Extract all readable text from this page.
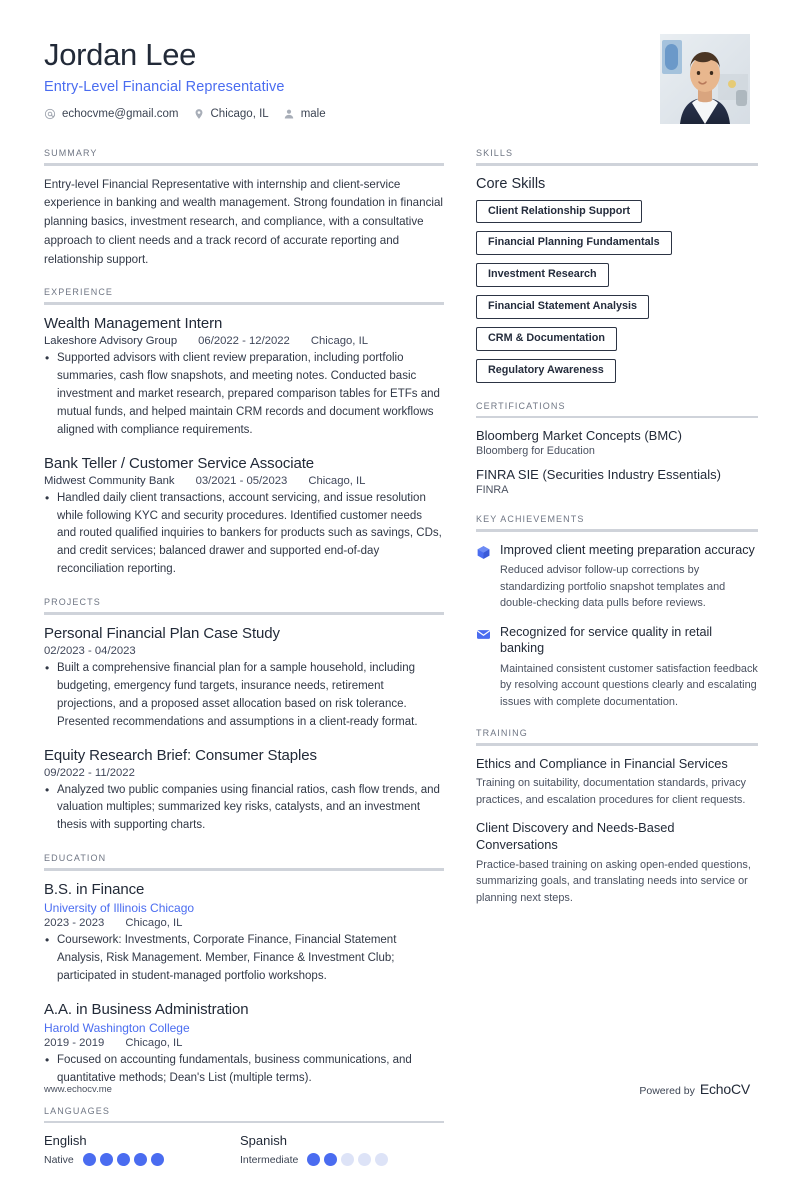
Jordan Lee
Entry-Level Financial Representative
echocvme@gmail.com	Chicago, IL	male
SUMMARY
Entry-level Financial Representative with internship and client-service experience in banking and wealth management. Strong foundation in financial planning basics, investment research, and compliance, with a consultative approach to client needs and a track record of accurate reporting and relationship support.
EXPERIENCE
Wealth Management Intern
Lakeshore Advisory Group 06/2022 - 12/2022 Chicago, IL
• Supported advisors with client review preparation, including portfolio summaries, cash flow snapshots, and meeting notes. Conducted basic investment and market research, prepared comparison tables for ETFs and mutual funds, and helped maintain CRM records and document workflows aligned with compliance requirements.
Bank Teller / Customer Service Associate
Midwest Community Bank 03/2021 - 05/2023 Chicago, IL
• Handled daily client transactions, account servicing, and issue resolution while following KYC and security procedures. Identified customer needs and routed qualified inquiries to bankers for products such as savings, CDs, and credit services; balanced drawer and supported end-of-day reconciliation reporting.
PROJECTS
Personal Financial Plan Case Study
02/2023 - 04/2023
• Built a comprehensive financial plan for a sample household, including budgeting, emergency fund targets, insurance needs, retirement projections, and a proposed asset allocation based on risk tolerance. Presented recommendations and assumptions in a client-ready format.
Equity Research Brief: Consumer Staples
09/2022 - 11/2022
• Analyzed two public companies using financial ratios, cash flow trends, and valuation multiples; summarized key risks, catalysts, and an investment thesis with supporting charts.
EDUCATION
B.S. in Finance
University of Illinois Chicago
2023 - 2023 Chicago, IL
• Coursework: Investments, Corporate Finance, Financial Statement Analysis, Risk Management. Member, Finance & Investment Club; participated in student-managed portfolio workshops.
A.A. in Business Administration
Harold Washington College
2019 - 2019 Chicago, IL
• Focused on accounting fundamentals, business communications, and quantitative methods; Dean's List (multiple terms).
LANGUAGES
English
Native
Spanish
Intermediate
SKILLS
Core Skills
Client Relationship Support
Financial Planning Fundamentals
Investment Research
Financial Statement Analysis
CRM & Documentation
Regulatory Awareness
CERTIFICATIONS
Bloomberg Market Concepts (BMC)
Bloomberg for Education
FINRA SIE (Securities Industry Essentials)
FINRA
KEY ACHIEVEMENTS
Improved client meeting preparation accuracy
Reduced advisor follow-up corrections by standardizing portfolio snapshot templates and double-checking data pulls before reviews.
Recognized for service quality in retail banking
Maintained consistent customer satisfaction feedback by resolving account questions clearly and escalating issues with complete documentation.
TRAINING
Ethics and Compliance in Financial Services
Training on suitability, documentation standards, privacy practices, and escalation procedures for client requests.
Client Discovery and Needs-Based Conversations
Practice-based training on asking open-ended questions, summarizing goals, and translating needs into service or planning next steps.
www.echocv.me	Powered by EchoCV
